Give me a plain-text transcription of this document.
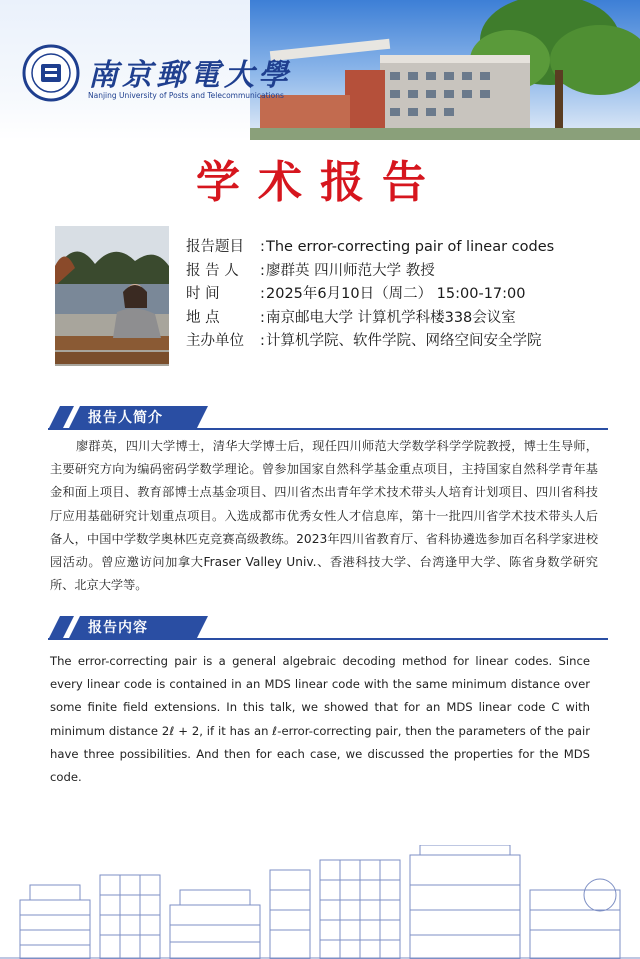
南京郵電大學
Nanjing University of Posts and Telecommunications
学术报告
报告题目	: The error-correcting pair of linear codes
报 告 人	: 廖群英 四川师范大学 教授
时 间	: 2025年6月10日（周二） 15:00-17:00
地 点	: 南京邮电大学 计算机学科楼338会议室
主办单位	: 计算机学院、软件学院、网络空间安全学院
报告人简介
廖群英，四川大学博士，清华大学博士后，现任四川师范大学数学科学学院教授，博士生导师，主要研究方向为编码密码学数学理论。曾参加国家自然科学基金重点项目，主持国家自然科学青年基金和面上项目、教育部博士点基金项目、四川省杰出青年学术技术带头人培育计划项目、四川省科技厅应用基础研究计划重点项目。入选成都市优秀女性人才信息库，第十一批四川省学术技术带头人后备人，中国中学数学奥林匹克竞赛高级教练。2023年四川省教育厅、省科协遴选参加百名科学家进校园活动。曾应邀访问加拿大Fraser Valley Univ.、香港科技大学、台湾逢甲大学、陈省身数学研究所、北京大学等。
报告内容
The error-correcting pair is a general algebraic decoding method for linear codes. Since every linear code is contained in an MDS linear code with the same minimum distance over some finite field extensions. In this talk, we showed that for an MDS linear code C with minimum distance 2ℓ + 2, if it has an ℓ-error-correcting pair, then the parameters of the pair have three possibilities. And then for each case, we discussed the properties for the MDS code.
